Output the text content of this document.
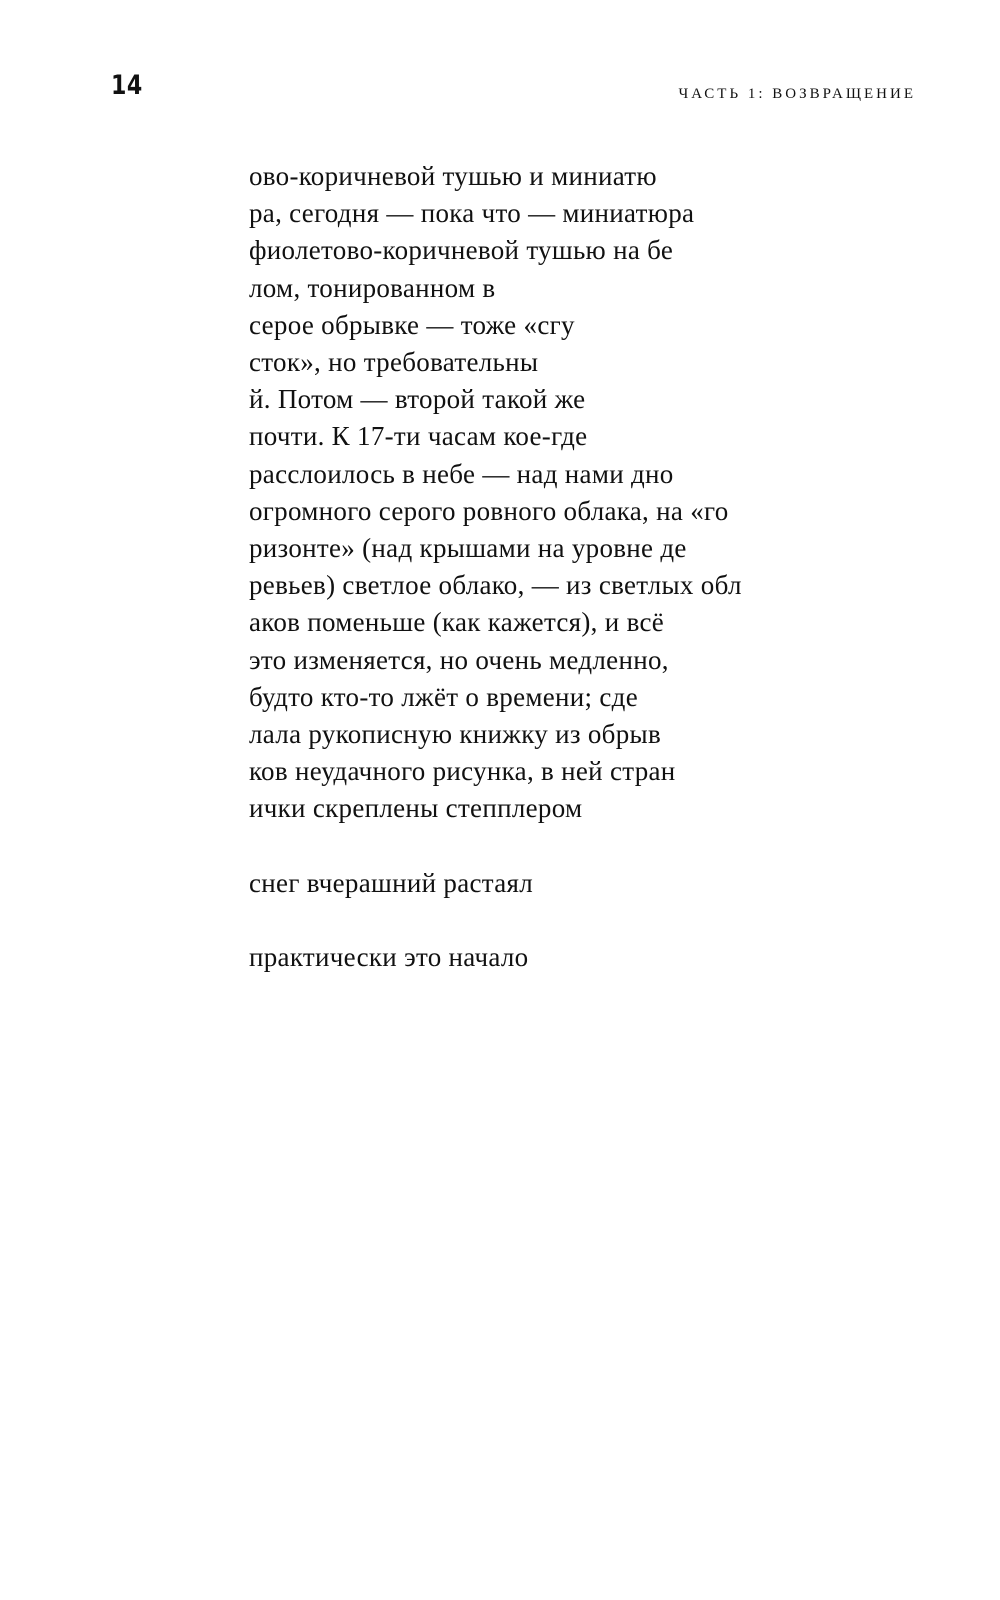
14	ЧАСТЬ 1: ВОЗВРАЩЕНИЕ

ово-коричневой тушью и миниатю
ра, сегодня — пока что — миниатюра
фиолетово-коричневой тушью на бе
лом, тонированном в
серое обрывке — тоже «сгу
сток», но требовательны
й. Потом — второй такой же
почти. К 17-ти часам кое-где
расслоилось в небе — над нами дно
огромного серого ровного облака, на «го
ризонте» (над крышами на уровне де
ревьев) светлое облако, — из светлых обл
аков поменьше (как кажется), и всё
это изменяется, но очень медленно,
будто кто-то лжёт о времени; сде
лала рукописную книжку из обрыв
ков неудачного рисунка, в ней стран
ички скреплены степплером

снег вчерашний растаял

практически это начало
